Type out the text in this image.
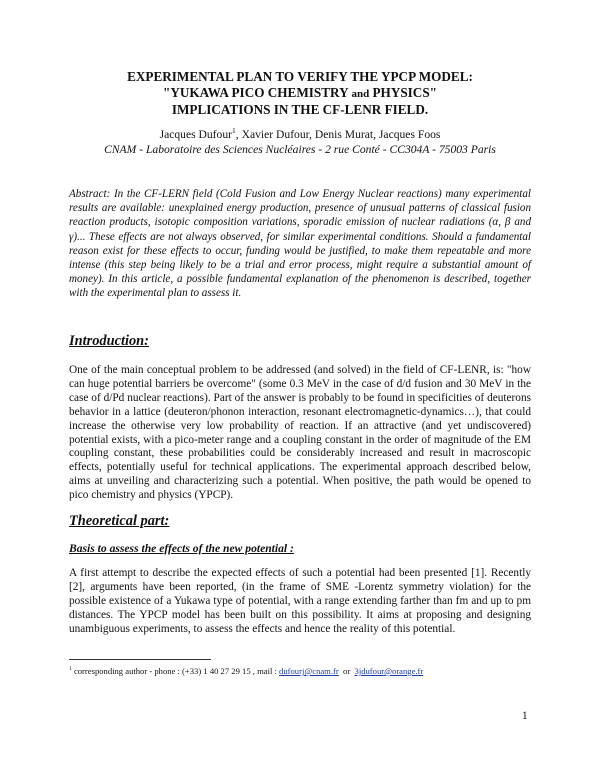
EXPERIMENTAL PLAN TO VERIFY THE YPCP MODEL:
"YUKAWA PICO CHEMISTRY and PHYSICS"
IMPLICATIONS IN THE CF-LENR FIELD.
Jacques Dufour$^1$, Xavier Dufour, Denis Murat, Jacques Foos
CNAM - Laboratoire des Sciences Nucléaires - 2 rue Conté - CC304A - 75003 Paris
Abstract: In the CF-LERN field (Cold Fusion and Low Energy Nuclear reactions) many experimental results are available: unexplained energy production, presence of unusual patterns of classical fusion reaction products, isotopic composition variations, sporadic emission of nuclear radiations (α, β and γ)... These effects are not always observed, for similar experimental conditions. Should a fundamental reason exist for these effects to occur, funding would be justified, to make them repeatable and more intense (this step being likely to be a trial and error process, might require a substantial amount of money). In this article, a possible fundamental explanation of the phenomenon is described, together with the experimental plan to assess it.
Introduction:
One of the main conceptual problem to be addressed (and solved) in the field of CF-LENR, is: "how can huge potential barriers be overcome" (some 0.3 MeV in the case of d/d fusion and 30 MeV in the case of d/Pd nuclear reactions). Part of the answer is probably to be found in specificities of deuterons behavior in a lattice (deuteron/phonon interaction, resonant electromagnetic-dynamics…), that could increase the otherwise very low probability of reaction. If an attractive (and yet undiscovered) potential exists, with a pico-meter range and a coupling constant in the order of magnitude of the EM coupling constant, these probabilities could be considerably increased and result in macroscopic effects, potentially useful for technical applications. The experimental approach described below, aims at unveiling and characterizing such a potential. When positive, the path would be opened to pico chemistry and physics (YPCP).
Theoretical part:
Basis to assess the effects of the new potential :
A first attempt to describe the expected effects of such a potential had been presented [1]. Recently [2], arguments have been reported, (in the frame of SME -Lorentz symmetry violation) for the possible existence of a Yukawa type of potential, with a range extending farther than fm and up to pm distances. The YPCP model has been built on this possibility. It aims at proposing and designing unambiguous experiments, to assess the effects and hence the reality of this potential.
$^1$ corresponding author - phone : (+33) 1 40 27 29 15 , mail : dufourj@cnam.fr  or  3jdufour@orange.fr
1
